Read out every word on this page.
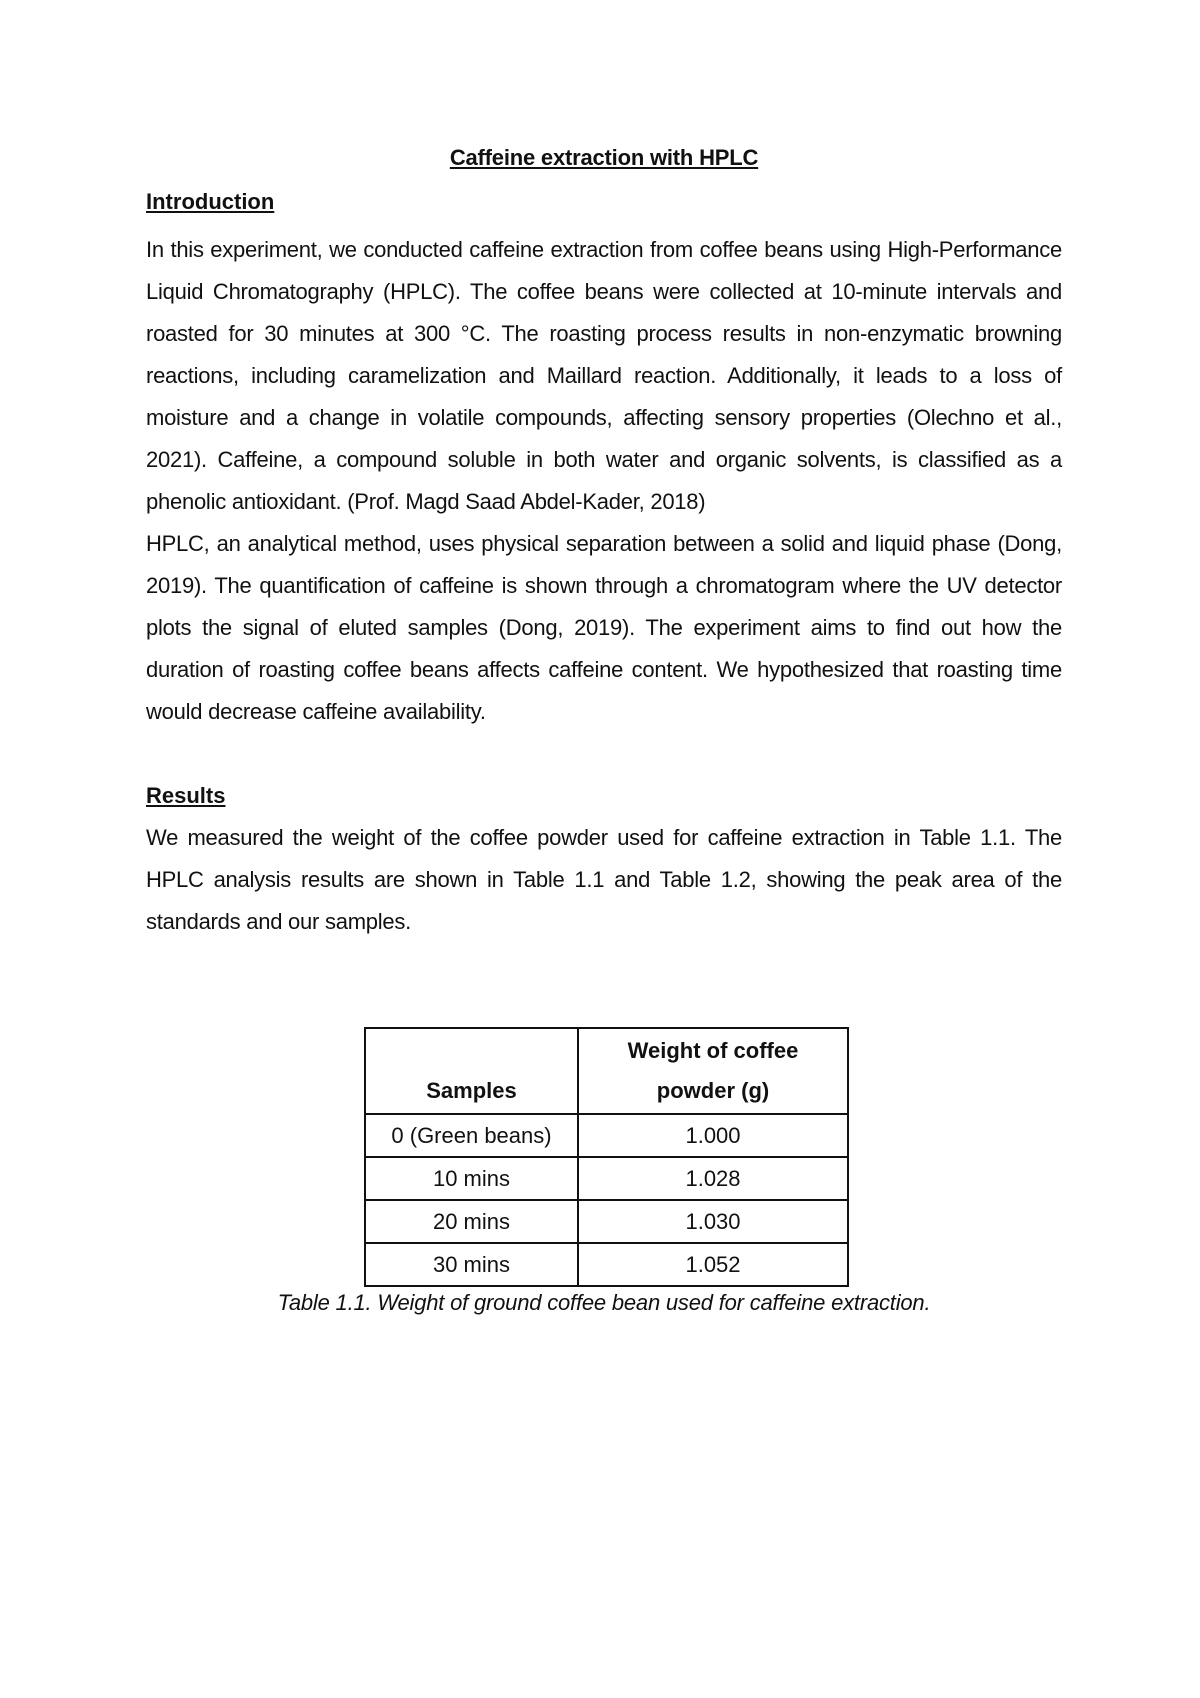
Caffeine extraction with HPLC
Introduction

In this experiment, we conducted caffeine extraction from coffee beans using High-Performance Liquid Chromatography (HPLC). The coffee beans were collected at 10-minute intervals and roasted for 30 minutes at 300 °C. The roasting process results in non-enzymatic browning reactions, including caramelization and Maillard reaction. Additionally, it leads to a loss of moisture and a change in volatile compounds, affecting sensory properties (Olechno et al., 2021). Caffeine, a compound soluble in both water and organic solvents, is classified as a phenolic antioxidant. (Prof. Magd Saad Abdel-Kader, 2018)

HPLC, an analytical method, uses physical separation between a solid and liquid phase (Dong, 2019). The quantification of caffeine is shown through a chromatogram where the UV detector plots the signal of eluted samples (Dong, 2019). The experiment aims to find out how the duration of roasting coffee beans affects caffeine content. We hypothesized that roasting time would decrease caffeine availability.

Results

We measured the weight of the coffee powder used for caffeine extraction in Table 1.1. The HPLC analysis results are shown in Table 1.1 and Table 1.2, showing the peak area of the standards and our samples.

Samples	Weight of coffee
powder (g)
0 (Green beans)	1.000
10 mins	1.028
20 mins	1.030
30 mins	1.052
Table 1.1. Weight of ground coffee bean used for caffeine extraction.
